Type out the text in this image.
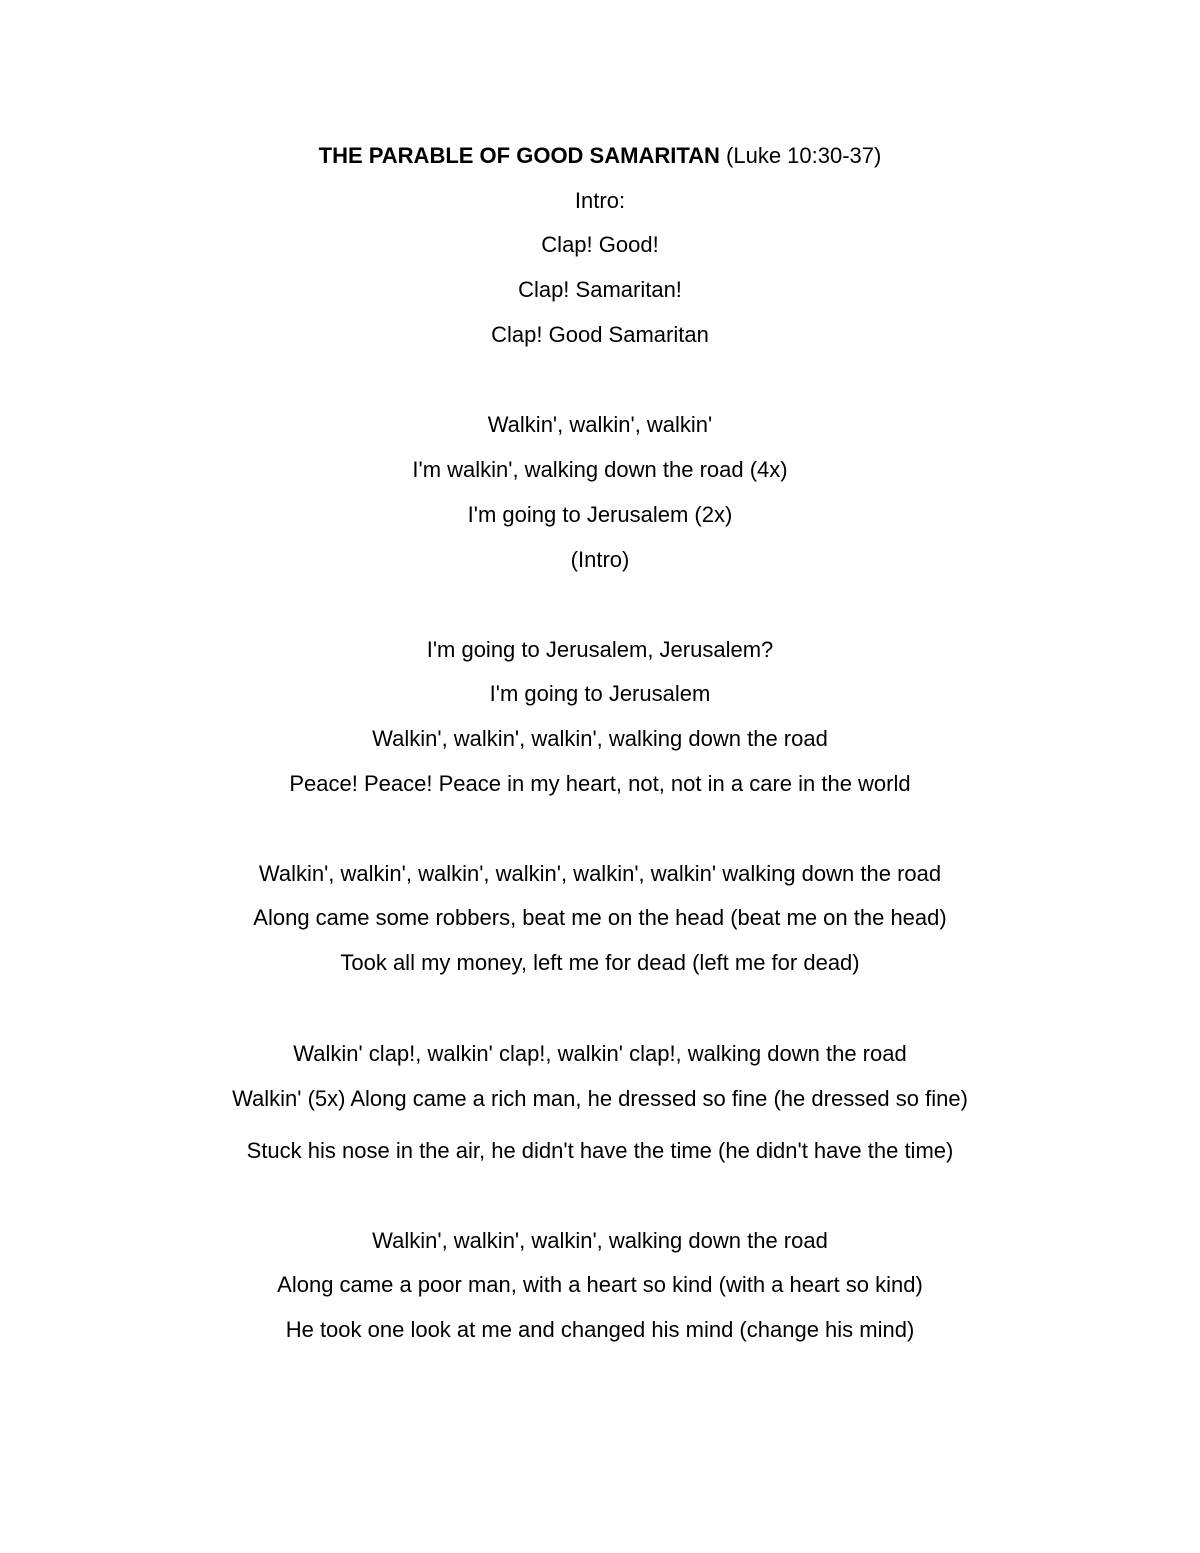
THE PARABLE OF GOOD SAMARITAN (Luke 10:30-37)
Intro:
Clap! Good!
Clap! Samaritan!
Clap! Good Samaritan
Walkin', walkin', walkin'
I'm walkin', walking down the road (4x)
I'm going to Jerusalem (2x)
(Intro)
I'm going to Jerusalem, Jerusalem?
I'm going to Jerusalem
Walkin', walkin', walkin', walking down the road
Peace! Peace! Peace in my heart, not, not in a care in the world
Walkin', walkin', walkin', walkin', walkin', walkin' walking down the road
Along came some robbers, beat me on the head (beat me on the head)
Took all my money, left me for dead (left me for dead)
Walkin' clap!, walkin' clap!, walkin' clap!, walking down the road
Walkin' (5x) Along came a rich man, he dressed so fine (he dressed so fine)
Stuck his nose in the air, he didn't have the time (he didn't have the time)
Walkin', walkin', walkin', walking down the road
Along came a poor man, with a heart so kind (with a heart so kind)
He took one look at me and changed his mind (change his mind)
